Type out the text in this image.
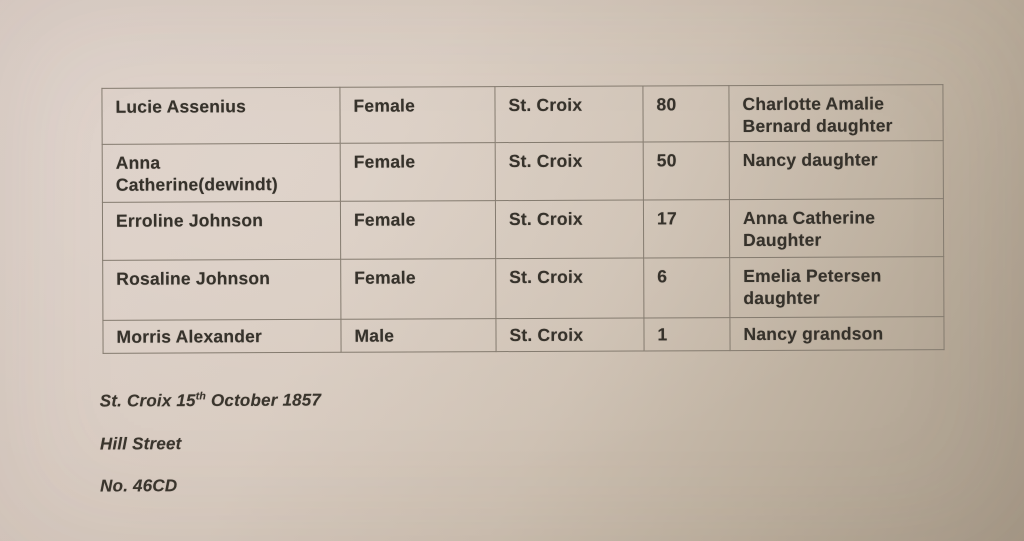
Lucie Assenius	Female	St. Croix	80	Charlotte Amalie Bernard daughter
Anna Catherine(dewindt)	Female	St. Croix	50	Nancy daughter
Erroline Johnson	Female	St. Croix	17	Anna Catherine Daughter
Rosaline Johnson	Female	St. Croix	6	Emelia Petersen daughter
Morris Alexander	Male	St. Croix	1	Nancy grandson

St. Croix 15th October 1857

Hill Street

No. 46CD
